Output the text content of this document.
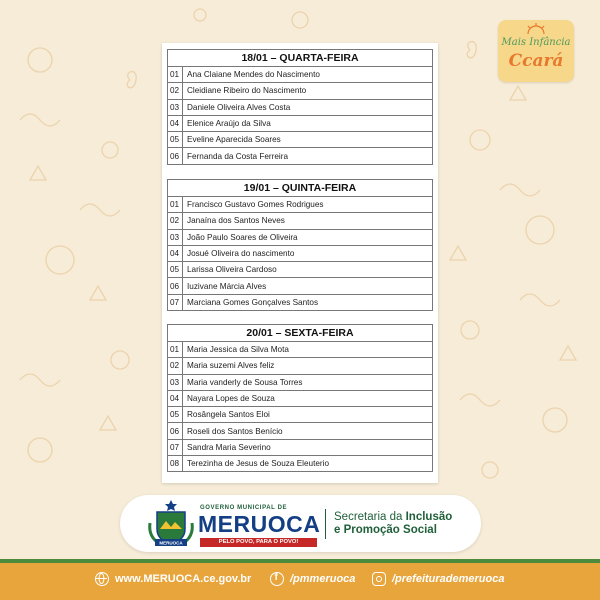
18/01 – QUARTA-FEIRA	
01	Ana Claiane Mendes do Nascimento
02	Cleidiane Ribeiro do Nascimento
03	Daniele Oliveira Alves Costa
04	Elenice Araújo da Silva
05	Eveline Aparecida Soares
06	Fernanda da Costa Ferreira
19/01 – QUINTA-FEIRA	
01	Francisco Gustavo Gomes Rodrigues
02	Janaína dos Santos Neves
03	João Paulo Soares de Oliveira
04	Josué Oliveira do nascimento
05	Larissa Oliveira Cardoso
06	Iuzivane Márcia Alves
07	Marciana Gomes Gonçalves Santos
20/01 – SEXTA-FEIRA	
01	Maria Jessica da Silva Mota
02	Maria suzemi Alves feliz
03	Maria vanderly de Sousa Torres
04	Nayara Lopes de Souza
05	Rosângela Santos Eloi
06	Roseli dos Santos Benício
07	Sandra Maria Severino
08	Terezinha de Jesus de Souza Eleuterio
Mais Infância
Ccará
MERUOCA
GOVERNO MUNICIPAL DE
MERUOCA
PELO POVO, PARA O POVO!
Secretaria da Inclusão
e Promoção Social
www.MERUOCA.ce.gov.br f /pmmeruoca	/prefeiturademeruoca
